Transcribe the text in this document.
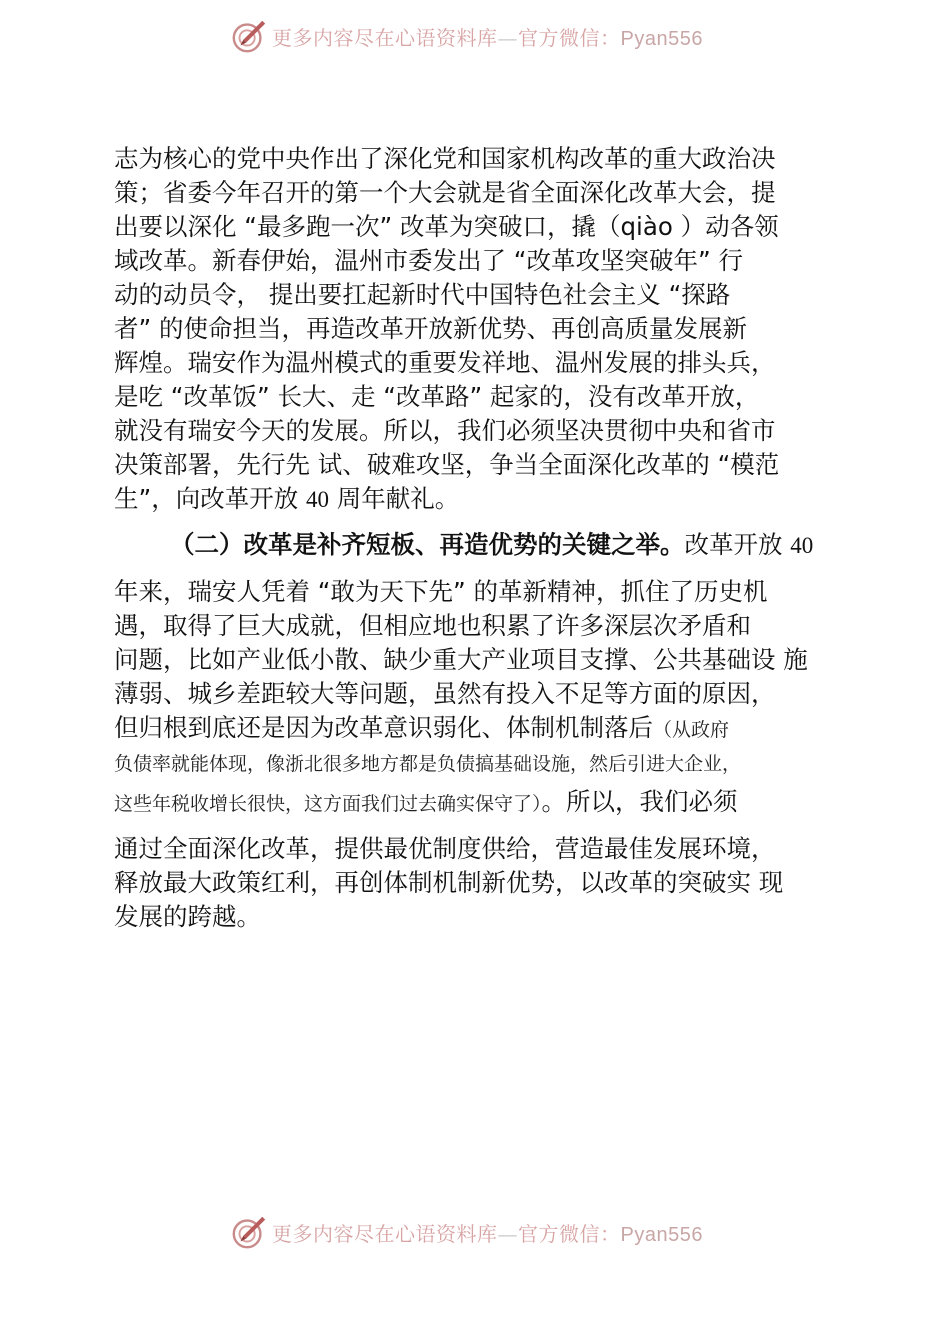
更多内容尽在心语资料库—官方微信：Pyan556
志为核心的党中央作出了深化党和国家机构改革的重大政治决
策；省委今年召开的第一个大会就是省全面深化改革大会，提
出要以深化 “最多跑一次” 改革为突破口，撬（qiào ）动各领
域改革。新春伊始，温州市委发出了 “改革攻坚突破年” 行
动的动员令， 提出要扛起新时代中国特色社会主义 “探路
者” 的使命担当，再造改革开放新优势、再创高质量发展新
辉煌。瑞安作为温州模式的重要发祥地、温州发展的排头兵，
是吃 “改革饭” 长大、走 “改革路” 起家的，没有改革开放，
就没有瑞安今天的发展。所以，我们必须坚决贯彻中央和省市
决策部署，先行先 试、破难攻坚，争当全面深化改革的 “模范
生”，向改革开放 40 周年献礼。
（二）改革是补齐短板、再造优势的关键之举。改革开放 40
年来，瑞安人凭着 “敢为天下先” 的革新精神，抓住了历史机
遇，取得了巨大成就，但相应地也积累了许多深层次矛盾和
问题，比如产业低小散、缺少重大产业项目支撑、公共基础设 施
薄弱、城乡差距较大等问题，虽然有投入不足等方面的原因，
但归根到底还是因为改革意识弱化、体制机制落后（从政府
负债率就能体现，像浙北很多地方都是负债搞基础设施，然后引进大企业，
这些年税收增长很快，这方面我们过去确实保守了）。所以，我们必须
通过全面深化改革，提供最优制度供给，营造最佳发展环境，
释放最大政策红利，再创体制机制新优势，以改革的突破实 现
发展的跨越。
更多内容尽在心语资料库—官方微信：Pyan556
